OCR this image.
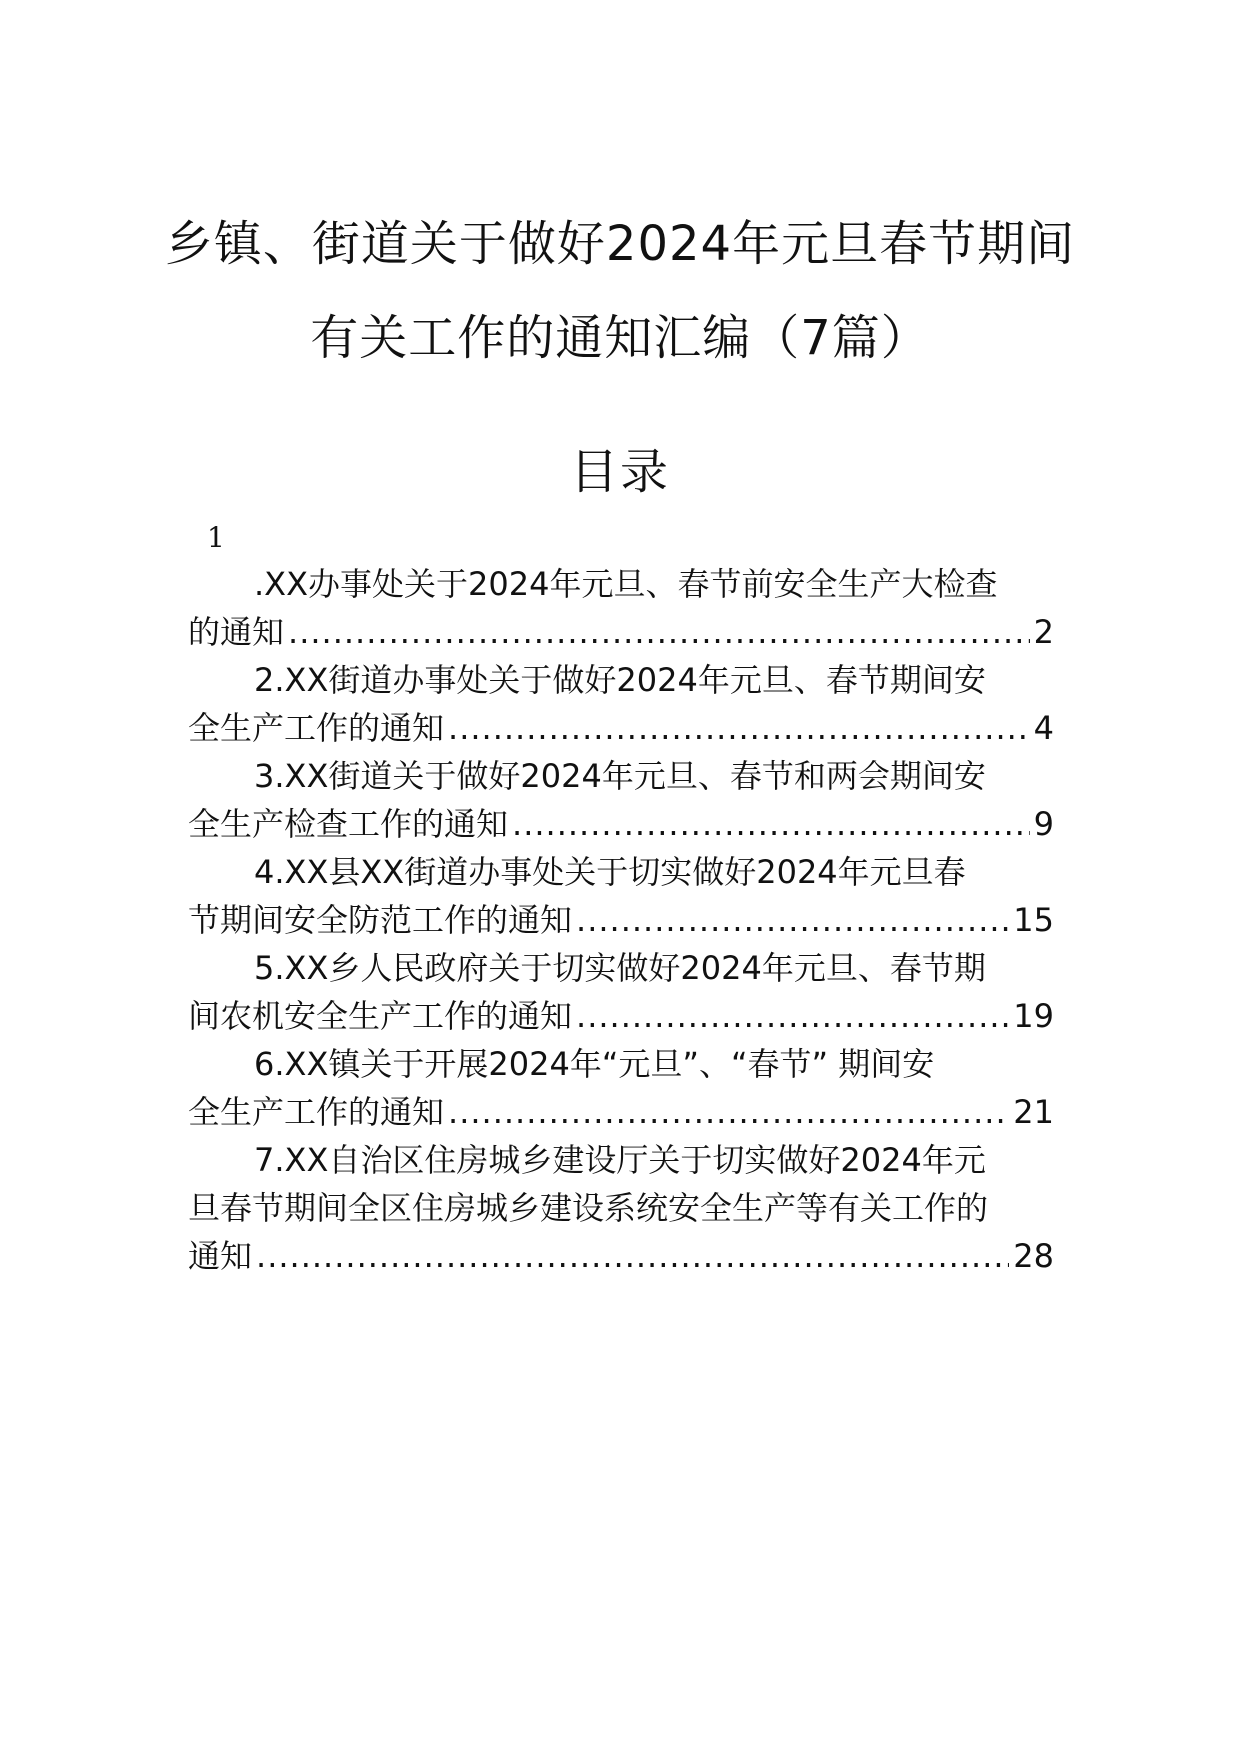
乡镇、街道关于做好2024年元旦春节期间
有关工作的通知汇编（7篇）
目录
1
.XX办事处关于2024年元旦、春节前安全生产大检查
的通知 .....	2
2.XX街道办事处关于做好2024年元旦、春节期间安
全生产工作的通知 .....	4
3.XX街道关于做好2024年元旦、春节和两会期间安
全生产检查工作的通知 .....	9
4.XX县XX街道办事处关于切实做好2024年元旦春
节期间安全防范工作的通知 .....	15
5.XX乡人民政府关于切实做好2024年元旦、春节期
间农机安全生产工作的通知 .....	19
6.XX镇关于开展2024年“元旦”、“春节” 期间安
全生产工作的通知 .....	21
7.XX自治区住房城乡建设厅关于切实做好2024年元
旦春节期间全区住房城乡建设系统安全生产等有关工作的
通知 .....	28
